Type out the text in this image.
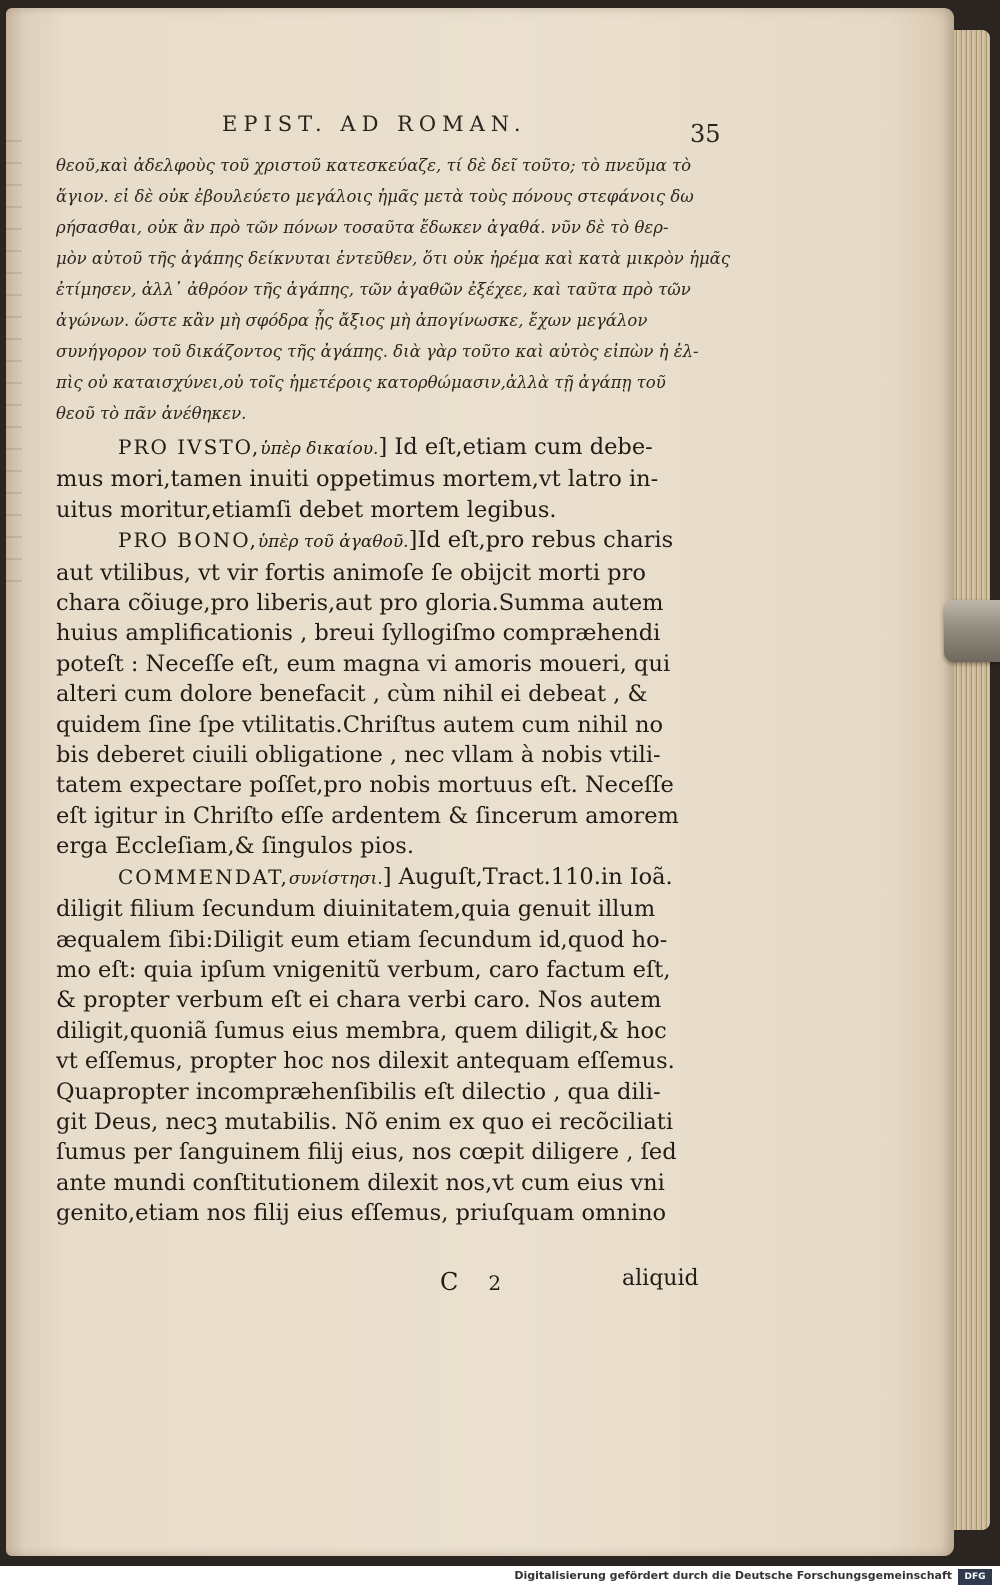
EPIST. AD ROMAN.	35
θεοῦ,καὶ ἀδελφοὺς τοῦ χριστοῦ κατεσκεύαζε, τί δὲ δεῖ τοῦτο; τὸ πνεῦμα τὸ
ἅγιον. εἰ δὲ οὐκ ἐβουλεύετο μεγάλοις ἡμᾶς μετὰ τοὺς πόνους στεφάνοις δω
ρήσασθαι, οὐκ ἂν πρὸ τῶν πόνων τοσαῦτα ἔδωκεν ἀγαθά. νῦν δὲ τὸ θερ-
μὸν αὐτοῦ τῆς ἀγάπης δείκνυται ἐντεῦθεν, ὅτι οὐκ ἠρέμα καὶ κατὰ μικρὸν ἡμᾶς
ἐτίμησεν, ἀλλ᾽ ἀθρόον τῆς ἀγάπης, τῶν ἀγαθῶν ἐξέχεε, καὶ ταῦτα πρὸ τῶν
ἀγώνων. ὥστε κἂν μὴ σφόδρα ᾖς ἄξιος μὴ ἀπογίνωσκε, ἔχων μεγάλον
συνήγορον τοῦ δικάζοντος τῆς ἀγάπης. διὰ γὰρ τοῦτο καὶ αὐτὸς εἰπὼν ἡ ἐλ-
πὶς οὐ καταισχύνει,οὐ τοῖς ἡμετέροις κατορθώμασιν,ἀλλὰ τῇ ἀγάπῃ τοῦ
θεοῦ τὸ πᾶν ἀνέθηκεν.
PRO IVSTO,ὑπὲρ δικαίου.] Id eſt,etiam cum debe-
mus mori,tamen inuiti oppetimus mortem,vt latro in-
uitus moritur,etiamſi debet mortem legibus.
PRO BONO,ὑπὲρ τοῦ ἀγαθοῦ.]Id eſt,pro rebus charis
aut vtilibus, vt vir fortis animoſe ſe obijcit morti pro
chara cõiuge,pro liberis,aut pro gloria.Summa autem
huius amplificationis , breui ſyllogiſmo comprӕhendi
poteſt : Neceſſe eſt, eum magna vi amoris moueri, qui
alteri cum dolore benefacit , cùm nihil ei debeat , &
quidem ſine ſpe vtilitatis.Chriſtus autem cum nihil no
bis deberet ciuili obligatione , nec vllam à nobis vtili-
tatem expectare poſſet,pro nobis mortuus eſt. Neceſſe
eſt igitur in Chriſto eſſe ardentem & ſincerum amorem
erga Eccleſiam,& ſingulos pios.
COMMENDAT,συνίστησι.] Auguſt,Tract.110.in Ioã.
diligit filium ſecundum diuinitatem,quia genuit illum
ӕqualem ſibi:Diligit eum etiam ſecundum id,quod ho-
mo eſt: quia ipſum vnigenitũ verbum, caro factum eſt,
& propter verbum eſt ei chara verbi caro. Nos autem
diligit,quoniã ſumus eius membra, quem diligit,& hoc
vt eſſemus, propter hoc nos dilexit antequam eſſemus.
Quapropter incomprӕhenſibilis eſt dilectio , qua dili-
git Deus, necꝫ mutabilis. Nõ enim ex quo ei recõciliati
ſumus per ſanguinem filij eius, nos cœpit diligere , ſed
ante mundi conſtitutionem dilexit nos,vt cum eius vni
genito,etiam nos filij eius eſſemus, priuſquam omnino
C 2	aliquid
Digitalisierung gefördert durch die Deutsche Forschungsgemeinschaft	DFG
